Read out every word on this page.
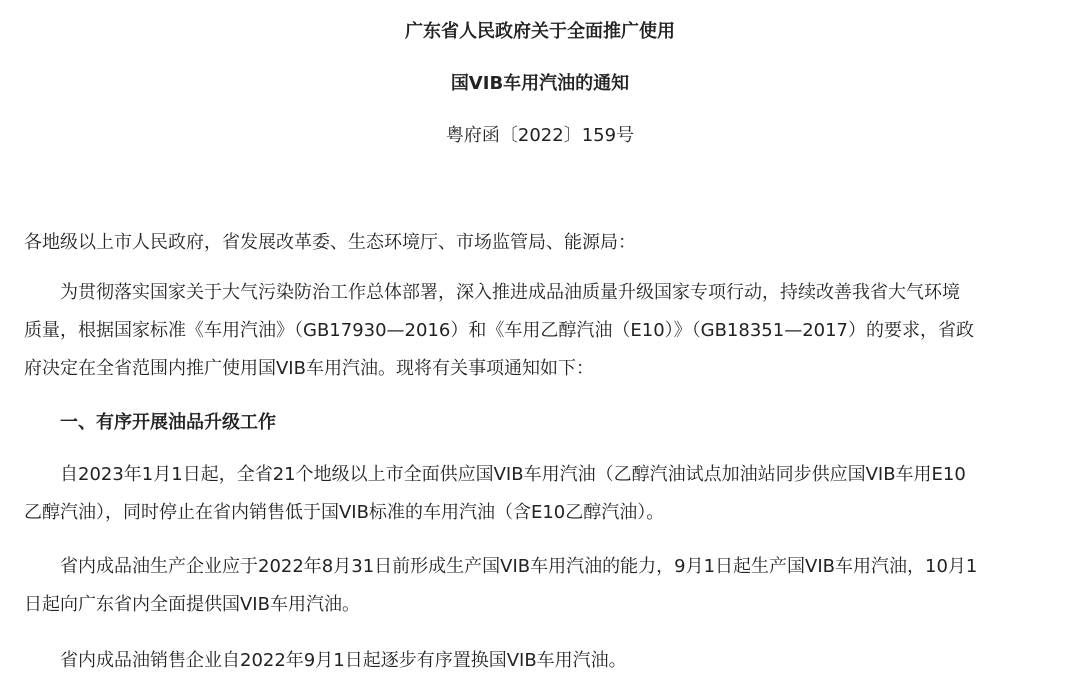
广东省人民政府关于全面推广使用
国VIB车用汽油的通知
粤府函〔2022〕159号

各地级以上市人民政府，省发展改革委、生态环境厅、市场监管局、能源局：

为贯彻落实国家关于大气污染防治工作总体部署，深入推进成品油质量升级国家专项行动，持续改善我省大气环境
质量，根据国家标准《车用汽油》（GB17930—2016）和《车用乙醇汽油（E10）》（GB18351—2017）的要求，省政
府决定在全省范围内推广使用国VIB车用汽油。现将有关事项通知如下：

一、有序开展油品升级工作

自2023年1月1日起，全省21个地级以上市全面供应国VIB车用汽油（乙醇汽油试点加油站同步供应国VIB车用E10
乙醇汽油），同时停止在省内销售低于国VIB标准的车用汽油（含E10乙醇汽油）。

省内成品油生产企业应于2022年8月31日前形成生产国VIB车用汽油的能力，9月1日起生产国VIB车用汽油，10月1
日起向广东省内全面提供国VIB车用汽油。

省内成品油销售企业自2022年9月1日起逐步有序置换国VIB车用汽油。
